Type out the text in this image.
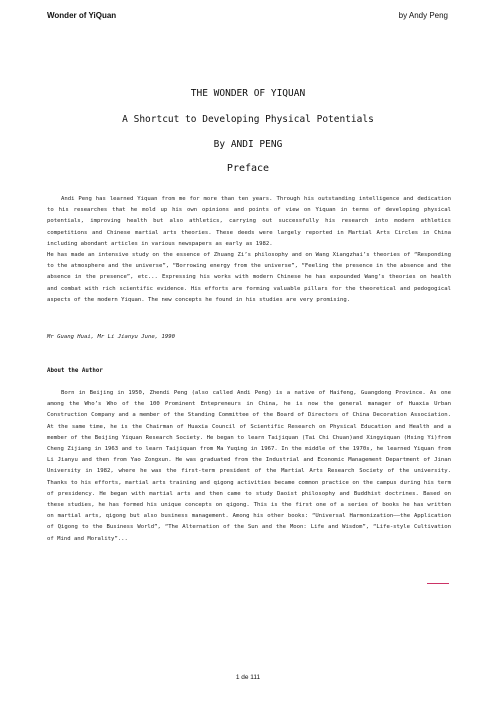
Wonder of YiQuan	by Andy Peng
THE WONDER OF YIQUAN
A Shortcut to Developing Physical Potentials
By ANDI PENG
Preface

Andi Peng has learned Yiquan from me for more than ten years. Through his outstanding intelligence and dedication to his researches that he mold up his own opinions and points of view on Yiquan in terms of developing physical potentials, improving health but also athletics, carrying out successfully his research into modern athletics competitions and Chinese martial arts theories. These deeds were largely reported in Martial Arts Circles in China including abondant articles in various newspapers as early as 1982.

He has made an intensive study on the essence of Zhuang Zi’s philosophy and on Wang Xiangzhai’s theories of “Responding to the atmosphere and the universe”, “Borrowing energy from the universe”, “Feeling the presence in the absence and the absence in the presence”, etc... Expressing his works with modern Chinese he has expounded Wang’s theories on health and combat with rich scientific evidence. His efforts are forming valuable pillars for the theoretical and pedogogical aspects of the modern Yiquan. The new concepts he found in his studies are very promising.

Mr Guang Huai, Mr Li Jianyu June, 1990
About the Author

Born in Beijing in 1950, Zhendi Peng (also called Andi Peng) is a native of Haifeng, Guangdong Province. As one among the Who’s Who of the 100 Prominent Entepreneurs in China, he is now the general manager of Huaxia Urban Construction Company and a member of the Standing Committee of the Board of Directors of China Decoration Association. At the same time, he is the Chairman of Huaxia Council of Scientific Research on Physical Education and Health and a member of the Beijing Yiquan Research Society. He began to learn Taijiquan (Tai Chi Chuan)and Xingyiquan (Hsing Yi)from Cheng Zijiang in 1963 and to learn Taijiquan from Ma Yuqing in 1967. In the middle of the 1970s, he learned Yiquan from Li Jianyu and then from Yao Zongxun. He was graduated from the Industrial and Economic Management Department of Jinan University in 1982, where he was the first-term president of the Martial Arts Research Society of the university. Thanks to his efforts, martial arts training and qigong activities became common practice on the campus during his term of presidency. He began with martial arts and then came to study Daoist philosophy and Buddhist doctrines. Based on these studies, he has formed his unique concepts on qigong. This is the first one of a series of books he has written on martial arts, qigong but also business management. Among his other books: “Universal Harmonization——the Application of Qigong to the Business World”, “The Alternation of the Sun and the Moon: Life and Wisdom”, “Life-style Cultivation of Mind and Morality”...

1 de 111
